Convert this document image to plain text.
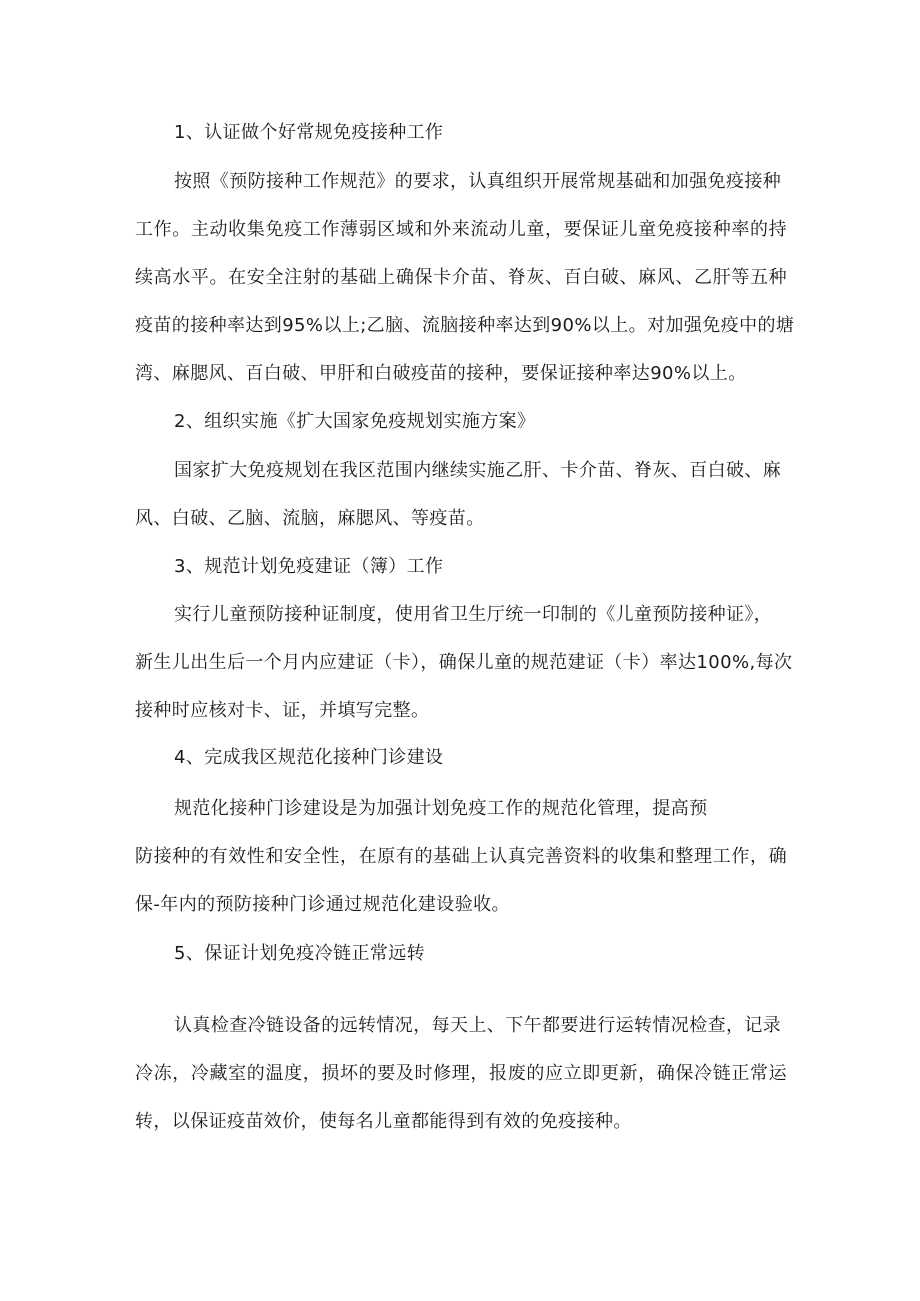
1、认证做个好常规免疫接种工作
按照《预防接种工作规范》的要求，认真组织开展常规基础和加强免疫接种
工作。主动收集免疫工作薄弱区域和外来流动儿童，要保证儿童免疫接种率的持
续高水平。在安全注射的基础上确保卡介苗、脊灰、百白破、麻风、乙肝等五种
疫苗的接种率达到95%以上;乙脑、流脑接种率达到90%以上。对加强免疫中的塘
湾、麻腮风、百白破、甲肝和白破疫苗的接种，要保证接种率达90%以上。
2、组织实施《扩大国家免疫规划实施方案》
国家扩大免疫规划在我区范围内继续实施乙肝、卡介苗、脊灰、百白破、麻
风、白破、乙脑、流脑，麻腮风、等疫苗。
3、规范计划免疫建证（簿）工作
实行儿童预防接种证制度，使用省卫生厅统一印制的《儿童预防接种证》，
新生儿出生后一个月内应建证（卡），确保儿童的规范建证（卡）率达100%,每次
接种时应核对卡、证，并填写完整。
4、完成我区规范化接种门诊建设
规范化接种门诊建设是为加强计划免疫工作的规范化管理，提高预
防接种的有效性和安全性，在原有的基础上认真完善资料的收集和整理工作，确
保-年内的预防接种门诊通过规范化建设验收。
5、保证计划免疫冷链正常远转
认真检查冷链设备的远转情况，每天上、下午都要进行运转情况检查，记录
冷冻，冷藏室的温度，损坏的要及时修理，报废的应立即更新，确保冷链正常运
转，以保证疫苗效价，使每名儿童都能得到有效的免疫接种。
